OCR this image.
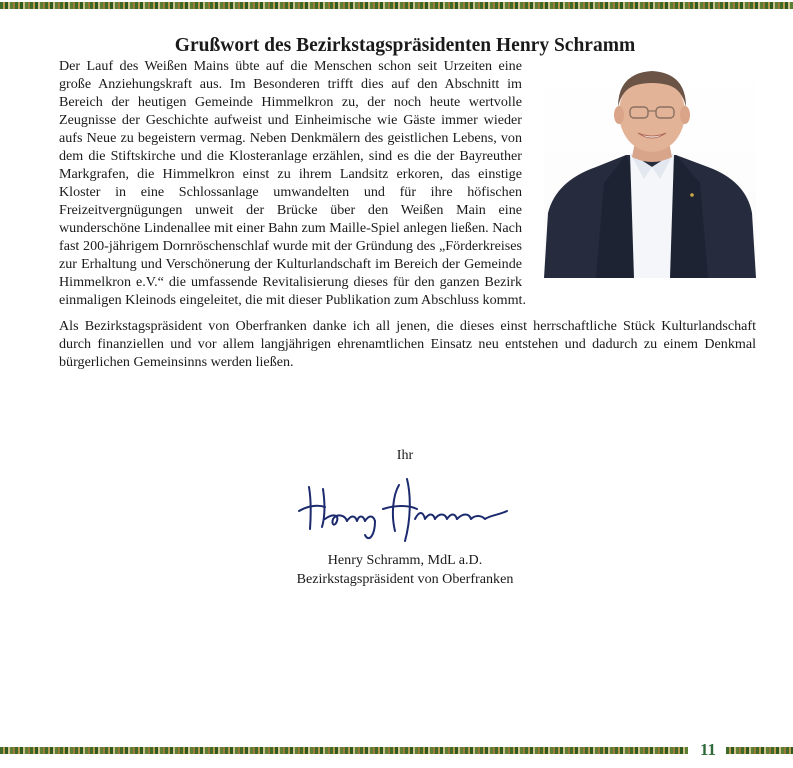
Grußwort des Bezirkstagspräsidenten Henry Schramm

Der Lauf des Weißen Mains übte auf die Menschen schon seit Urzeiten eine große Anziehungskraft aus. Im Besonderen trifft dies auf den Abschnitt im Bereich der heutigen Gemeinde Himmelkron zu, der noch heute wertvolle Zeugnisse der Geschichte aufweist und Einheimische wie Gäste immer wieder aufs Neue zu begeistern vermag. Neben Denkmälern des geistlichen Lebens, von dem die Stiftskirche und die Klosteranlage erzählen, sind es die der Bayreuther Markgrafen, die Himmelkron einst zu ihrem Landsitz erkoren, das einstige Kloster in eine Schlossanlage umwandelten und für ihre höfischen Freizeitvergnügungen unweit der Brücke über den Weißen Main eine wunderschöne Lindenallee mit einer Bahn zum Maille-Spiel anlegen ließen. Nach fast 200-jährigem Dornröschenschlaf wurde mit der Gründung des „Förderkreises zur Erhaltung und Verschönerung der Kulturlandschaft im Bereich der Gemeinde Himmelkron e.V.“ die umfassende Revitalisierung dieses für den ganzen Bezirk einmaligen Kleinods eingeleitet, die mit dieser Publikation zum Abschluss kommt.

Als Bezirkstagspräsident von Oberfranken danke ich all jenen, die dieses einst herrschaftliche Stück Kulturlandschaft durch finanziellen und vor allem langjährigen ehrenamtlichen Einsatz neu entstehen und dadurch zu einem Denkmal bürgerlichen Gemeinsinns werden ließen.

Ihr
Henry Schramm, MdL a.D.
Bezirkstagspräsident von Oberfranken
11
